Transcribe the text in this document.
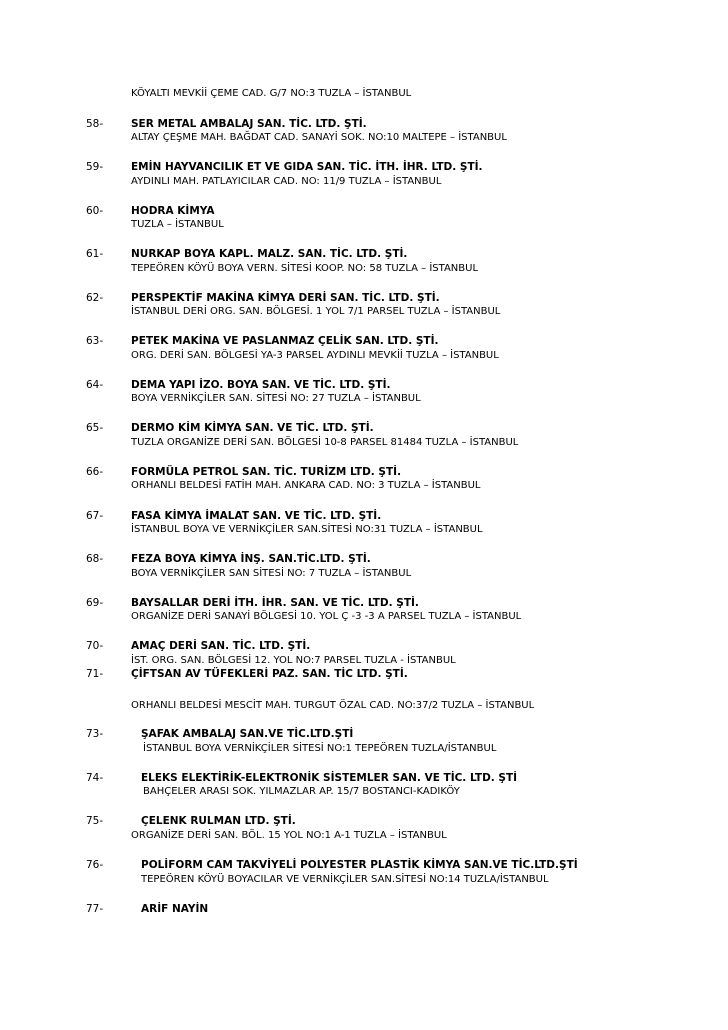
KÖYALTI MEVKİİ ÇEME CAD. G/7 NO:3 TUZLA – İSTANBUL
58-	SER METAL AMBALAJ SAN. TİC. LTD. ŞTİ.
ALTAY ÇEŞME MAH. BAĞDAT CAD. SANAYİ SOK. NO:10 MALTEPE – İSTANBUL
59-	EMİN HAYVANCILIK ET VE GIDA SAN. TİC. İTH. İHR. LTD. ŞTİ.
AYDINLI MAH. PATLAYICILAR CAD. NO: 11/9 TUZLA – İSTANBUL
60-	HODRA KİMYA
TUZLA – İSTANBUL
61-	NURKAP BOYA KAPL. MALZ. SAN. TİC. LTD. ŞTİ.
TEPEÖREN KÖYÜ BOYA VERN. SİTESİ KOOP. NO: 58 TUZLA – İSTANBUL
62-	PERSPEKTİF MAKİNA KİMYA DERİ SAN. TİC. LTD. ŞTİ.
İSTANBUL DERİ ORG. SAN. BÖLGESİ. 1 YOL 7/1 PARSEL TUZLA – İSTANBUL
63-	PETEK MAKİNA VE PASLANMAZ ÇELİK SAN. LTD. ŞTİ.
ORG. DERİ SAN. BÖLGESİ YA-3 PARSEL AYDINLI MEVKİİ TUZLA – İSTANBUL
64-	DEMA YAPI İZO. BOYA SAN. VE TİC. LTD. ŞTİ.
BOYA VERNİKÇİLER SAN. SİTESİ NO: 27 TUZLA – İSTANBUL
65-	DERMO KİM KİMYA SAN. VE TİC. LTD. ŞTİ.
TUZLA ORGANİZE DERİ SAN. BÖLGESİ 10-8 PARSEL 81484 TUZLA – İSTANBUL
66-	FORMÜLA PETROL SAN. TİC. TURİZM LTD. ŞTİ.
ORHANLI BELDESİ FATİH MAH. ANKARA CAD. NO: 3 TUZLA – İSTANBUL
67-	FASA KİMYA İMALAT SAN. VE TİC. LTD. ŞTİ.
İSTANBUL BOYA VE VERNİKÇİLER SAN.SİTESİ NO:31 TUZLA – İSTANBUL
68-	FEZA BOYA KİMYA İNŞ. SAN.TİC.LTD. ŞTİ.
BOYA VERNİKÇİLER SAN SİTESİ NO: 7 TUZLA – İSTANBUL
69-	BAYSALLAR DERİ İTH. İHR. SAN. VE TİC. LTD. ŞTİ.
ORGANİZE DERİ SANAYİ BÖLGESİ 10. YOL Ç -3 -3 A PARSEL TUZLA – İSTANBUL
70-	AMAÇ DERİ SAN. TİC. LTD. ŞTİ.
İST. ORG. SAN. BÖLGESİ 12. YOL NO:7 PARSEL TUZLA - İSTANBUL
71-	ÇİFTSAN AV TÜFEKLERİ PAZ. SAN. TİC LTD. ŞTİ.
ORHANLI BELDESİ MESCİT MAH. TURGUT ÖZAL CAD. NO:37/2 TUZLA – İSTANBUL
73-	ŞAFAK AMBALAJ SAN.VE TİC.LTD.ŞTİ
İSTANBUL BOYA VERNİKÇİLER SİTESİ NO:1 TEPEÖREN TUZLA/İSTANBUL
74-	ELEKS ELEKTİRİK-ELEKTRONİK SİSTEMLER SAN. VE TİC. LTD. ŞTİ
BAHÇELER ARASI SOK. YILMAZLAR AP. 15/7 BOSTANCI-KADIKÖY
75-	ÇELENK RULMAN LTD. ŞTİ.
ORGANİZE DERİ SAN. BÖL. 15 YOL NO:1 A-1 TUZLA – İSTANBUL
76-	POLİFORM CAM TAKVİYELİ POLYESTER PLASTİK KİMYA SAN.VE TİC.LTD.ŞTİ
TEPEÖREN KÖYÜ BOYACILAR VE VERNİKÇİLER SAN.SİTESİ NO:14 TUZLA/İSTANBUL
77-	ARİF NAYİN
